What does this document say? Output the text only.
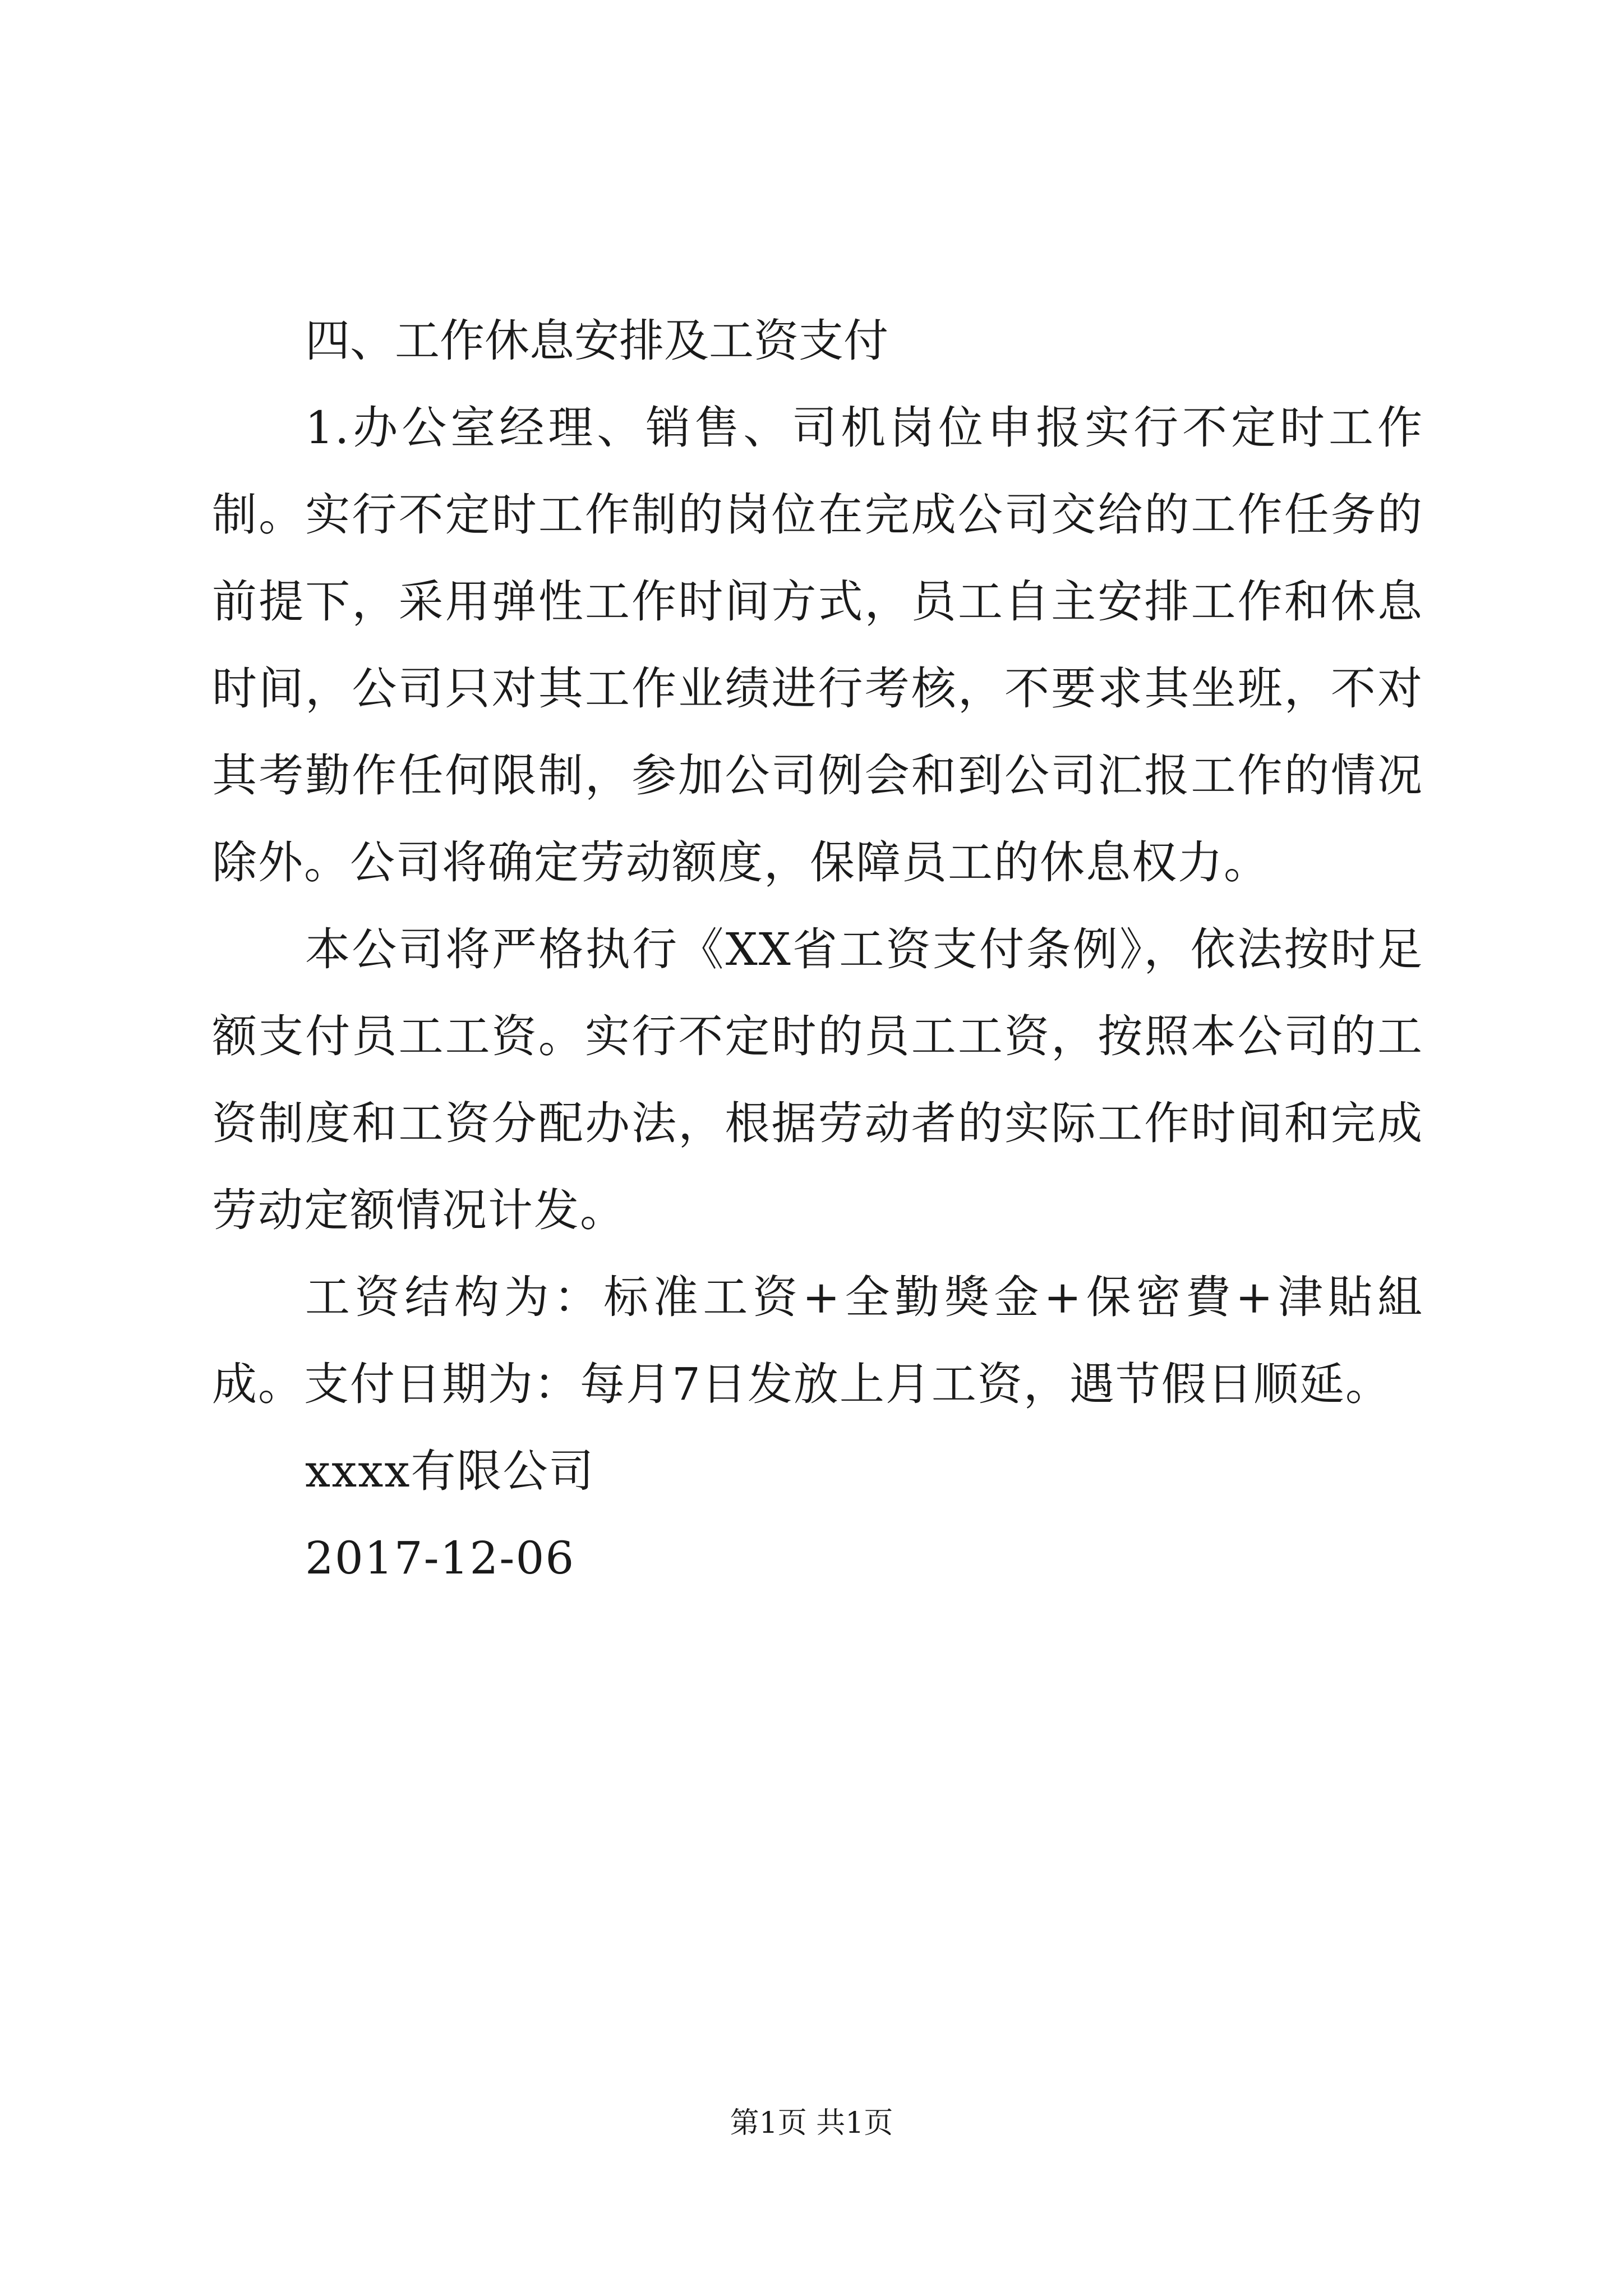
四、工作休息安排及工资支付

1.办公室经理、销售、司机岗位申报实行不定时工作制。实行不定时工作制的岗位在完成公司交给的工作任务的前提下，采用弹性工作时间方式，员工自主安排工作和休息时间，公司只对其工作业绩进行考核，不要求其坐班，不对其考勤作任何限制，参加公司例会和到公司汇报工作的情况除外。公司将确定劳动额度，保障员工的休息权力。

本公司将严格执行《XX省工资支付条例》，依法按时足额支付员工工资。实行不定时的员工工资，按照本公司的工资制度和工资分配办法，根据劳动者的实际工作时间和完成劳动定额情况计发。

工资结构为：标准工资+全勤獎金+保密費+津貼組成。支付日期为：每月7日发放上月工资，遇节假日顺延。

xxxx有限公司

2017-12-06

第1页 共1页
